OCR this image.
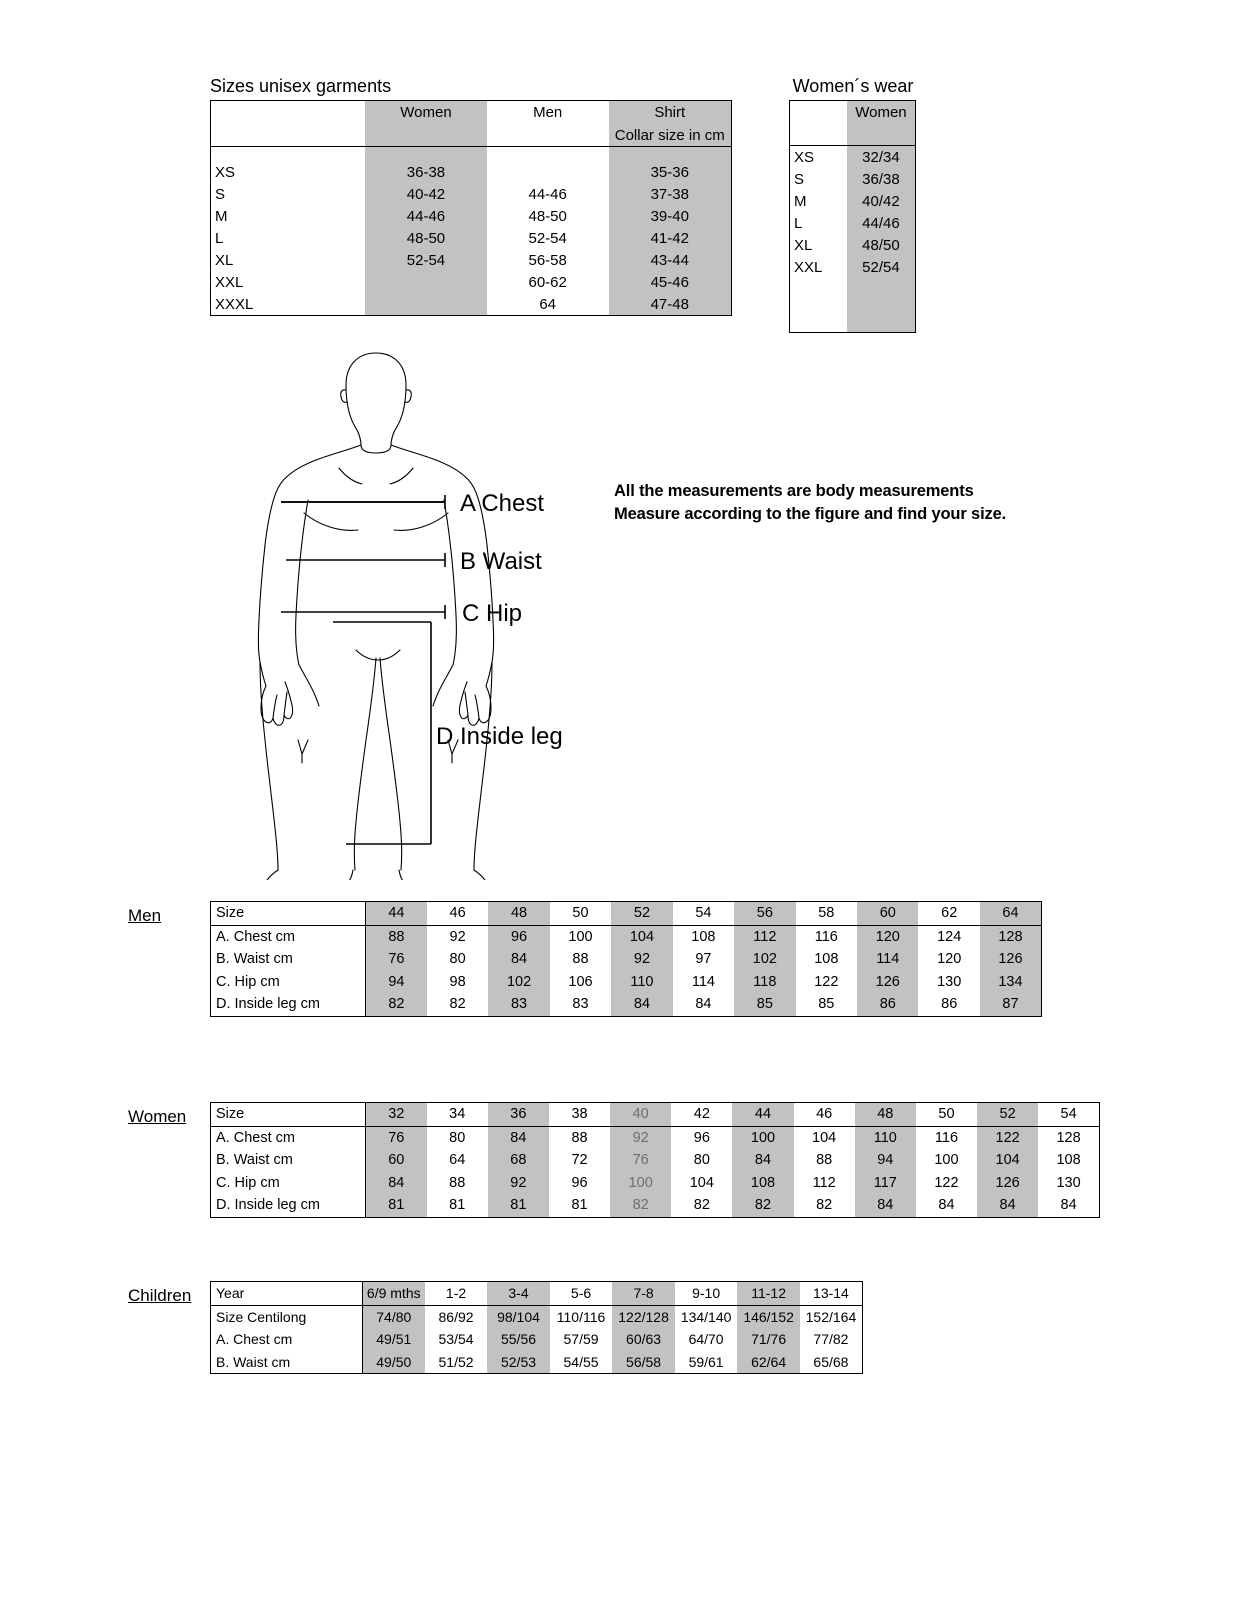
Sizes unisex garments
	Women	Men	Shirt
			Collar size in cm

XS	36-38		35-36
S	40-42	44-46	37-38
M	44-46	48-50	39-40
L	48-50	52-54	41-42
XL	52-54	56-58	43-44
XXL		60-62	45-46
XXXL		64	47-48
Women´s wear
	Women

XS	32/34
S	36/38
M	40/42
L	44/46
XL	48/50
XXL	52/54

A Chest
B Waist
C Hip
D Inside leg
All the measurements are body measurements
Measure according to the figure and find your size.
Men	Size	44	46	48	50	52	54	56	58	60	62	64
A. Chest cm	88	92	96	100	104	108	112	116	120	124	128
B. Waist cm	76	80	84	88	92	97	102	108	114	120	126
C. Hip cm	94	98	102	106	110	114	118	122	126	130	134
D. Inside leg cm	82	82	83	83	84	84	85	85	86	86	87
Women Size	32	34	36	38	40	42	44	46	48	50	52	54
A. Chest cm	76	80	84	88	92	96	100	104	110	116	122	128
B. Waist cm	60	64	68	72	76	80	84	88	94	100	104	108
C. Hip cm	84	88	92	96	100	104	108	112	117	122	126	130
D. Inside leg cm	81	81	81	81	82	82	82	82	84	84	84	84
Children Year	6/9 mths	1-2	3-4	5-6	7-8	9-10	11-12	13-14
Size Centilong	74/80	86/92	98/104	110/116	122/128	134/140	146/152	152/164
A. Chest cm	49/51	53/54	55/56	57/59	60/63	64/70	71/76	77/82
B. Waist cm	49/50	51/52	52/53	54/55	56/58	59/61	62/64	65/68
